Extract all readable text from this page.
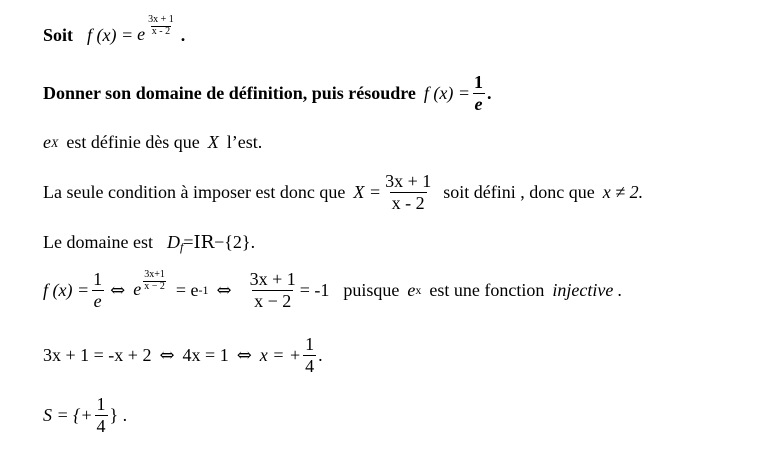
Soit f (x) = e $\frac{3x + 1}{x - 2}$ .
Donner son domaine de définition, puis résoudre f $(x) = \frac{1}{e}$ .
e X est définie dès que X l’est.
La seule condition à imposer est donc que $X = \frac{3x + 1}{x - 2}$ soit défini , donc que x ≠ 2.
Le domaine est D f = IR −{2}.
f $(x) = \frac{1}{e}$ ⇔ e $\frac{3x+1}{x - 2} = e$ -1 ⇔ $\frac{3x + 1}{x - 2} = -1$ puisque e x est une fonction injective .
3x + 1 = -x + 2 ⇔ 4x = 1 ⇔ x = + $\frac{1}{4}$ .
S = {+ $\frac{1}{4}$ } .
